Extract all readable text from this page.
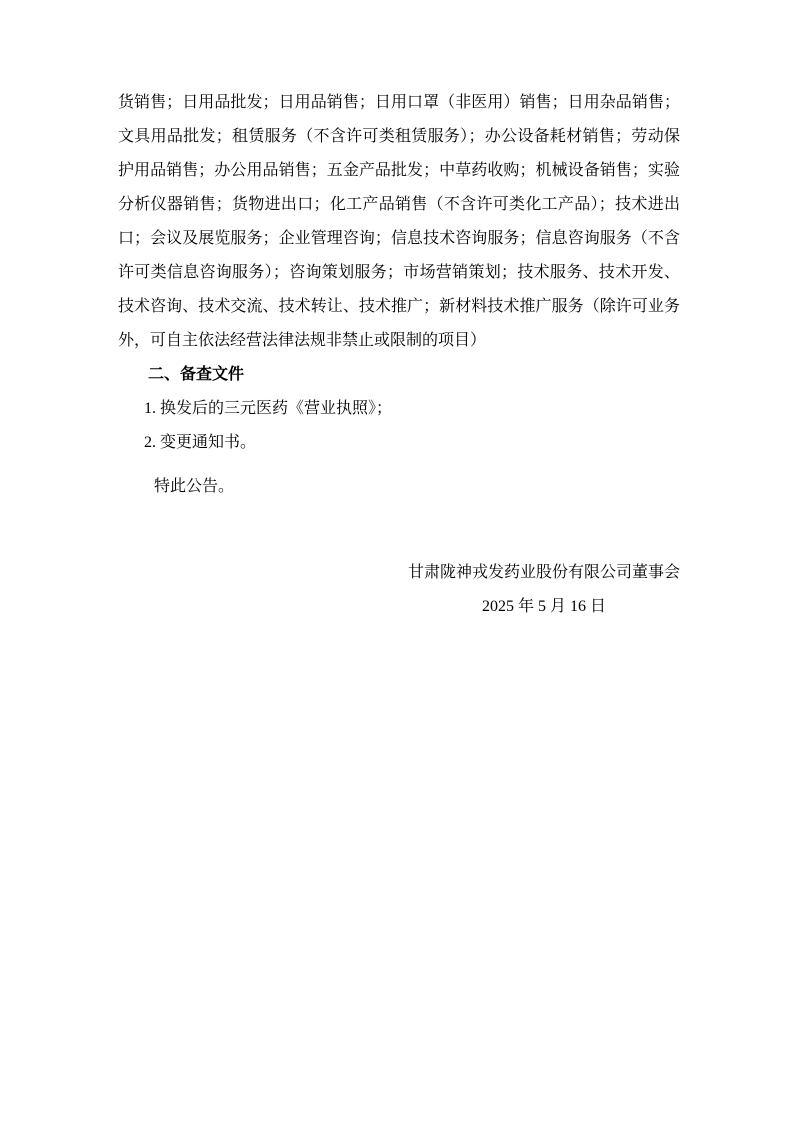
货销售；日用品批发；日用品销售；日用口罩（非医用）销售；日用杂品销售；
文具用品批发；租赁服务（不含许可类租赁服务）；办公设备耗材销售；劳动保
护用品销售；办公用品销售；五金产品批发；中草药收购；机械设备销售；实验
分析仪器销售；货物进出口；化工产品销售（不含许可类化工产品）；技术进出
口；会议及展览服务；企业管理咨询；信息技术咨询服务；信息咨询服务（不含
许可类信息咨询服务）；咨询策划服务；市场营销策划；技术服务、技术开发、
技术咨询、技术交流、技术转让、技术推广；新材料技术推广服务（除许可业务
外，可自主依法经营法律法规非禁止或限制的项目）
二、备查文件
1. 换发后的三元医药《营业执照》；
2. 变更通知书。
特此公告。
甘肃陇神戎发药业股份有限公司董事会
2025 年 5 月 16 日
